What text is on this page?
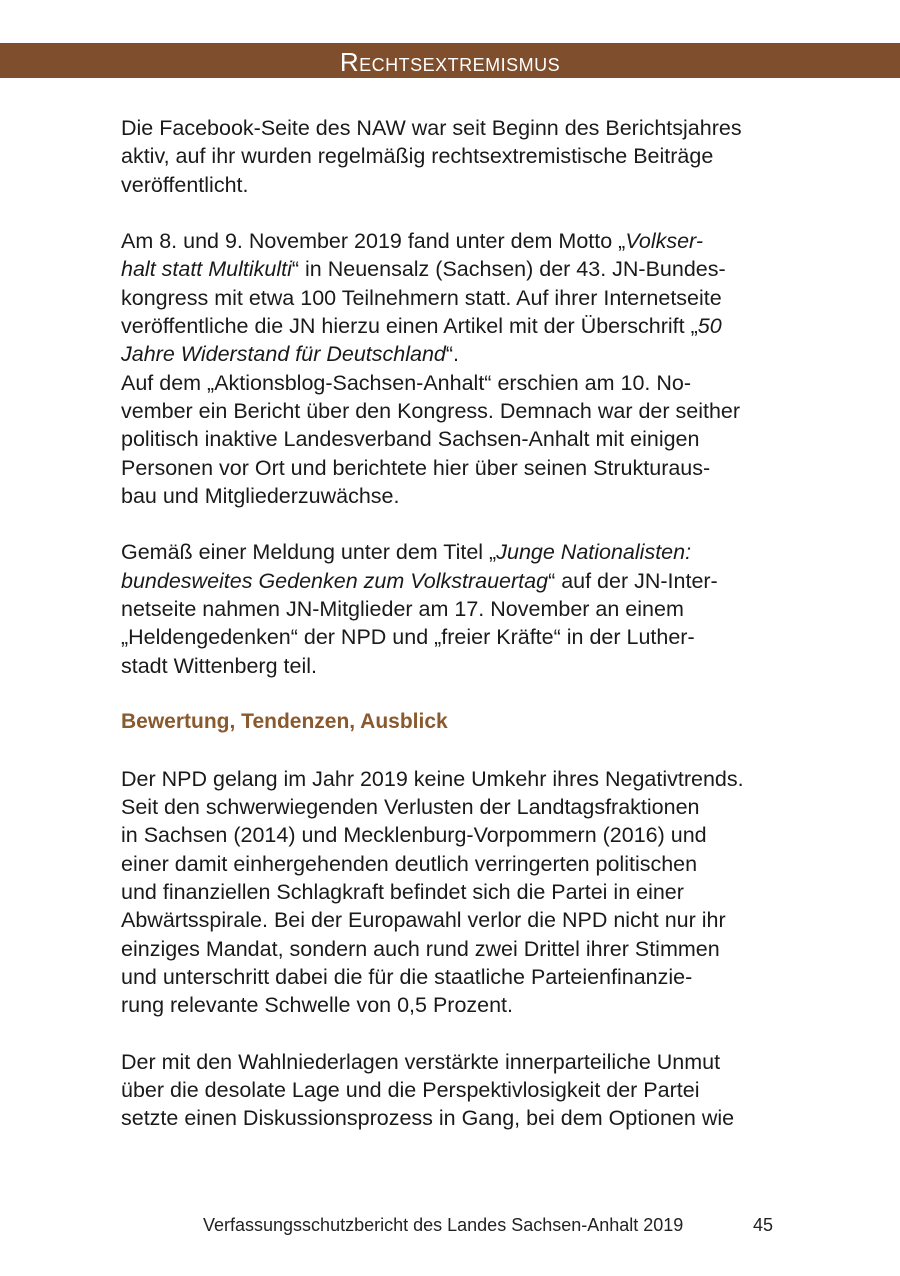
Rechtsextremismus

Die Facebook-Seite des NAW war seit Beginn des Berichtsjahres
aktiv, auf ihr wurden regelmäßig rechtsextremistische Beiträge
veröffentlicht.

Am 8. und 9. November 2019 fand unter dem Motto „Volkser-
halt statt Multikulti“ in Neuensalz (Sachsen) der 43. JN-Bundes-
kongress mit etwa 100 Teilnehmern statt. Auf ihrer Internetseite
veröffentliche die JN hierzu einen Artikel mit der Überschrift „50
Jahre Widerstand für Deutschland“.

Auf dem „Aktionsblog-Sachsen-Anhalt“ erschien am 10. No-
vember ein Bericht über den Kongress. Demnach war der seither
politisch inaktive Landesverband Sachsen-Anhalt mit einigen
Personen vor Ort und berichtete hier über seinen Strukturaus-
bau und Mitgliederzuwächse.

Gemäß einer Meldung unter dem Titel „Junge Nationalisten:
bundesweites Gedenken zum Volkstrauertag“ auf der JN-Inter-
netseite nahmen JN-Mitglieder am 17. November an einem
„Heldengedenken“ der NPD und „freier Kräfte“ in der Luther-
stadt Wittenberg teil.

Bewertung, Tendenzen, Ausblick

Der NPD gelang im Jahr 2019 keine Umkehr ihres Negativtrends.
Seit den schwerwiegenden Verlusten der Landtagsfraktionen
in Sachsen (2014) und Mecklenburg-Vorpommern (2016) und
einer damit einhergehenden deutlich verringerten politischen
und finanziellen Schlagkraft befindet sich die Partei in einer
Abwärtsspirale. Bei der Europawahl verlor die NPD nicht nur ihr
einziges Mandat, sondern auch rund zwei Drittel ihrer Stimmen
und unterschritt dabei die für die staatliche Parteienfinanzie-
rung relevante Schwelle von 0,5 Prozent.

Der mit den Wahlniederlagen verstärkte innerparteiliche Unmut
über die desolate Lage und die Perspektivlosigkeit der Partei
setzte einen Diskussionsprozess in Gang, bei dem Optionen wie

Verfassungsschutzbericht des Landes Sachsen-Anhalt 2019	45
